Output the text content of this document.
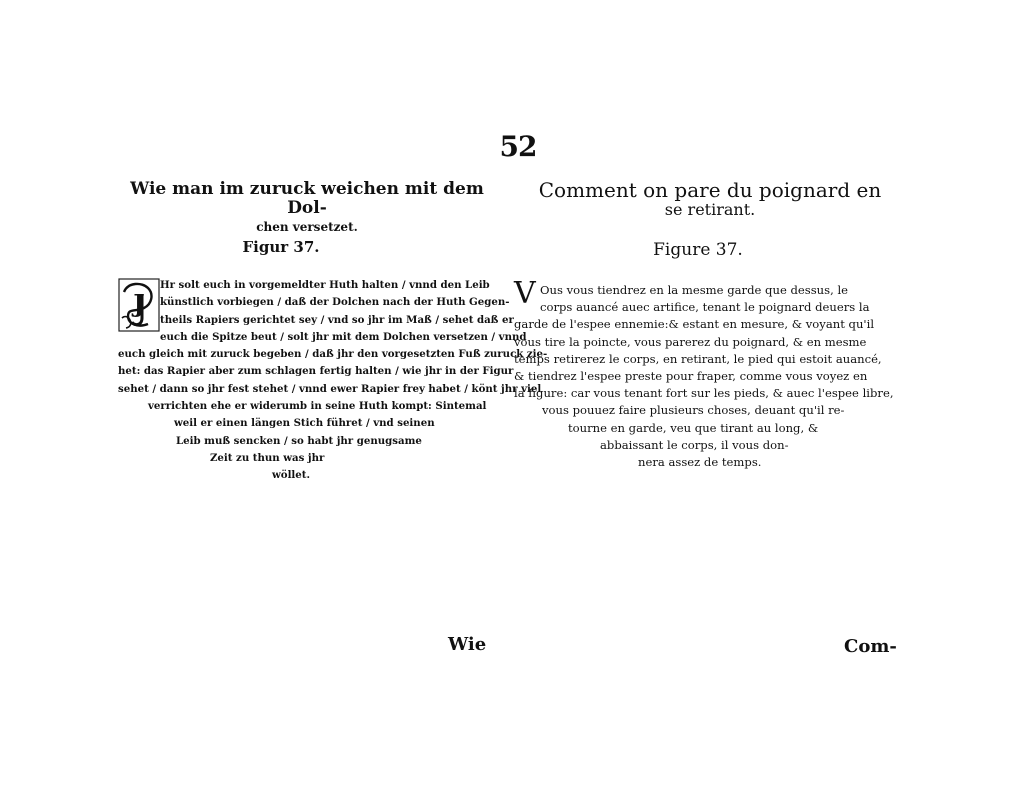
52
Wie man im zuruck weichen mit dem Dol-
chen versetzet.
Figur 37.
J
Hr solt euch in vorgemeldter Huth halten / vnnd den Leib
künstlich vorbiegen / daß der Dolchen nach der Huth Gegen-
theils Rapiers gerichtet sey / vnd so jhr im Maß / sehet daß er
euch die Spitze beut / solt jhr mit dem Dolchen versetzen / vnnd
euch gleich mit zuruck begeben / daß jhr den vorgesetzten Fuß zuruck zie-
het: das Rapier aber zum schlagen fertig halten / wie jhr in der Figur
sehet / dann so jhr fest stehet / vnnd ewer Rapier frey habet / könt jhr viel
verrichten ehe er widerumb in seine Huth kompt: Sintemal
weil er einen längen Stich führet / vnd seinen
Leib muß sencken / so habt jhr genugsame
Zeit zu thun was jhr
wöllet.
Comment on pare du poignard en
se retirant.
Figure 37.
V Ous vous tiendrez en la mesme garde que dessus, le
corps auancé auec artifice, tenant le poignard deuers la
garde de l'espee ennemie:& estant en mesure, & voyant qu'il
vous tire la poincte, vous parerez du poignard, & en mesme
temps retirerez le corps, en retirant, le pied qui estoit auancé,
& tiendrez l'espee preste pour fraper, comme vous voyez en
la figure: car vous tenant fort sur les pieds, & auec l'espee libre,
vous pouuez faire plusieurs choses, deuant qu'il re-
tourne en garde, veu que tirant au long, &
abbaissant le corps, il vous don-
nera assez de temps.
Wie	Com-
